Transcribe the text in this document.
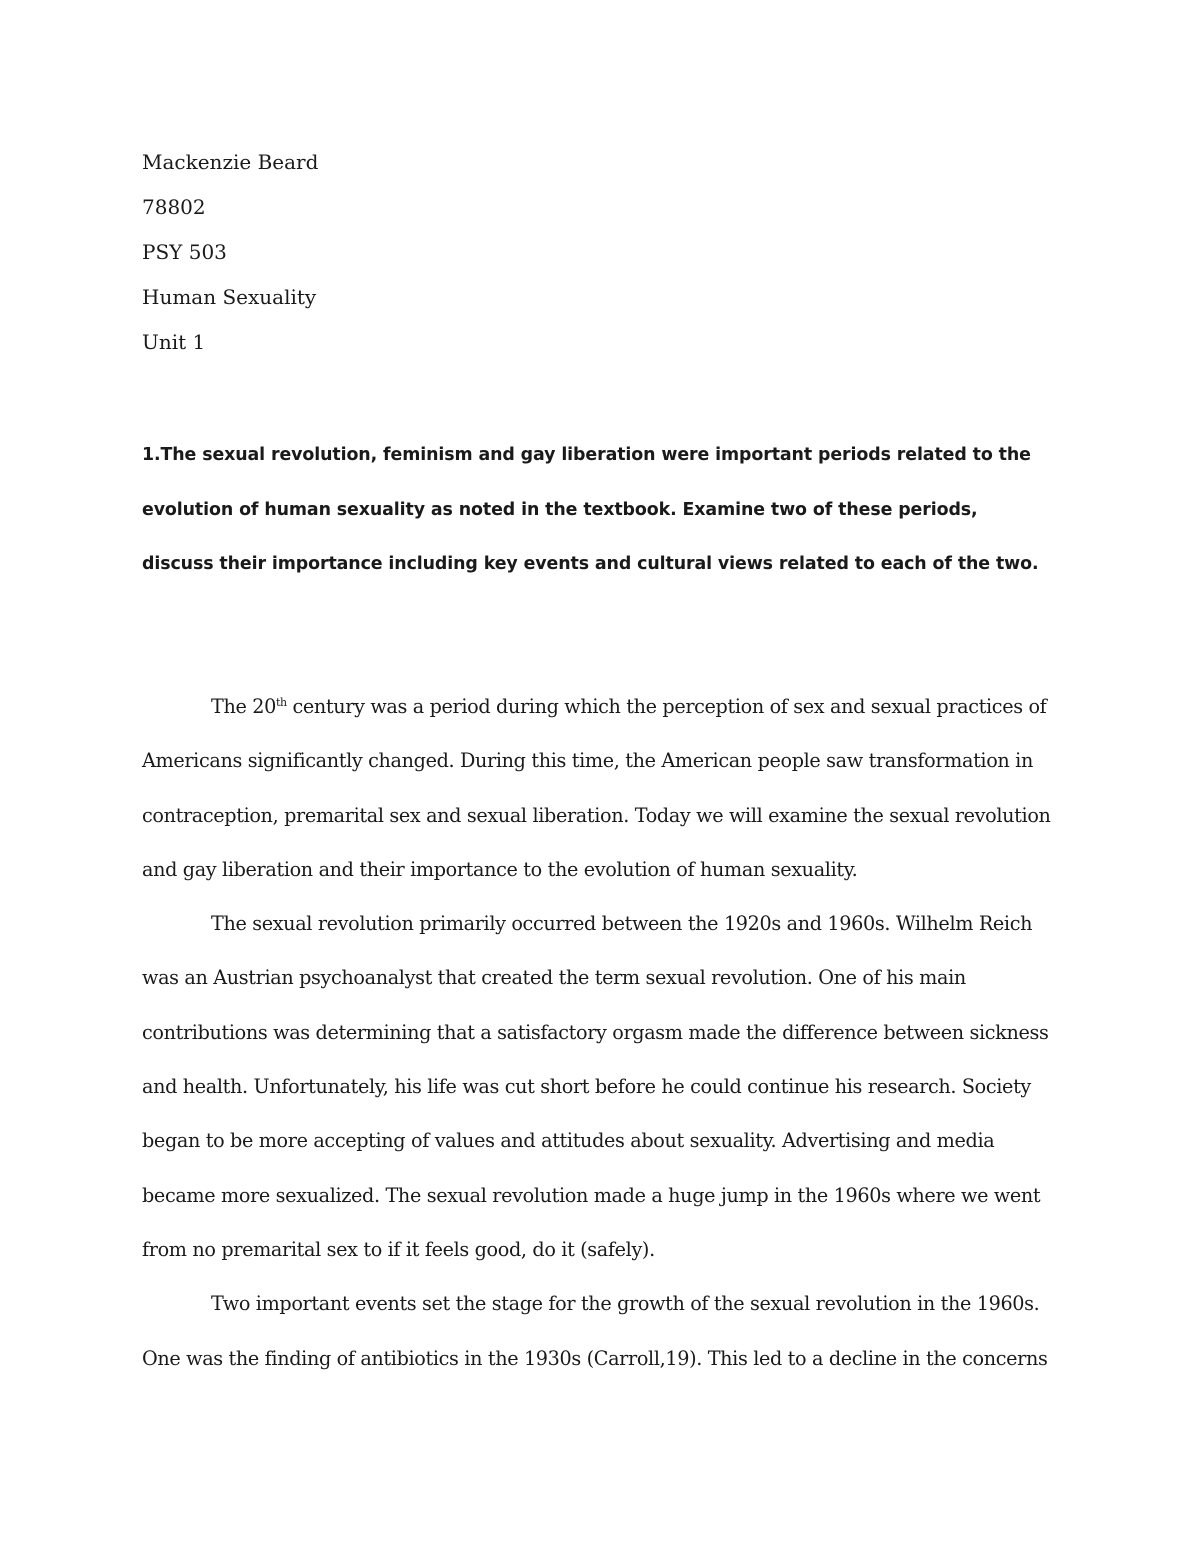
Mackenzie Beard
78802
PSY 503
Human Sexuality
Unit 1
1.The sexual revolution, feminism and gay liberation were important periods related to the
evolution of human sexuality as noted in the textbook. Examine two of these periods,
discuss their importance including key events and cultural views related to each of the two.
The 20th century was a period during which the perception of sex and sexual practices of
Americans significantly changed. During this time, the American people saw transformation in
contraception, premarital sex and sexual liberation. Today we will examine the sexual revolution
and gay liberation and their importance to the evolution of human sexuality.
The sexual revolution primarily occurred between the 1920s and 1960s. Wilhelm Reich
was an Austrian psychoanalyst that created the term sexual revolution. One of his main
contributions was determining that a satisfactory orgasm made the difference between sickness
and health. Unfortunately, his life was cut short before he could continue his research. Society
began to be more accepting of values and attitudes about sexuality. Advertising and media
became more sexualized. The sexual revolution made a huge jump in the 1960s where we went
from no premarital sex to if it feels good, do it (safely).
Two important events set the stage for the growth of the sexual revolution in the 1960s.
One was the finding of antibiotics in the 1930s (Carroll,19). This led to a decline in the concerns
